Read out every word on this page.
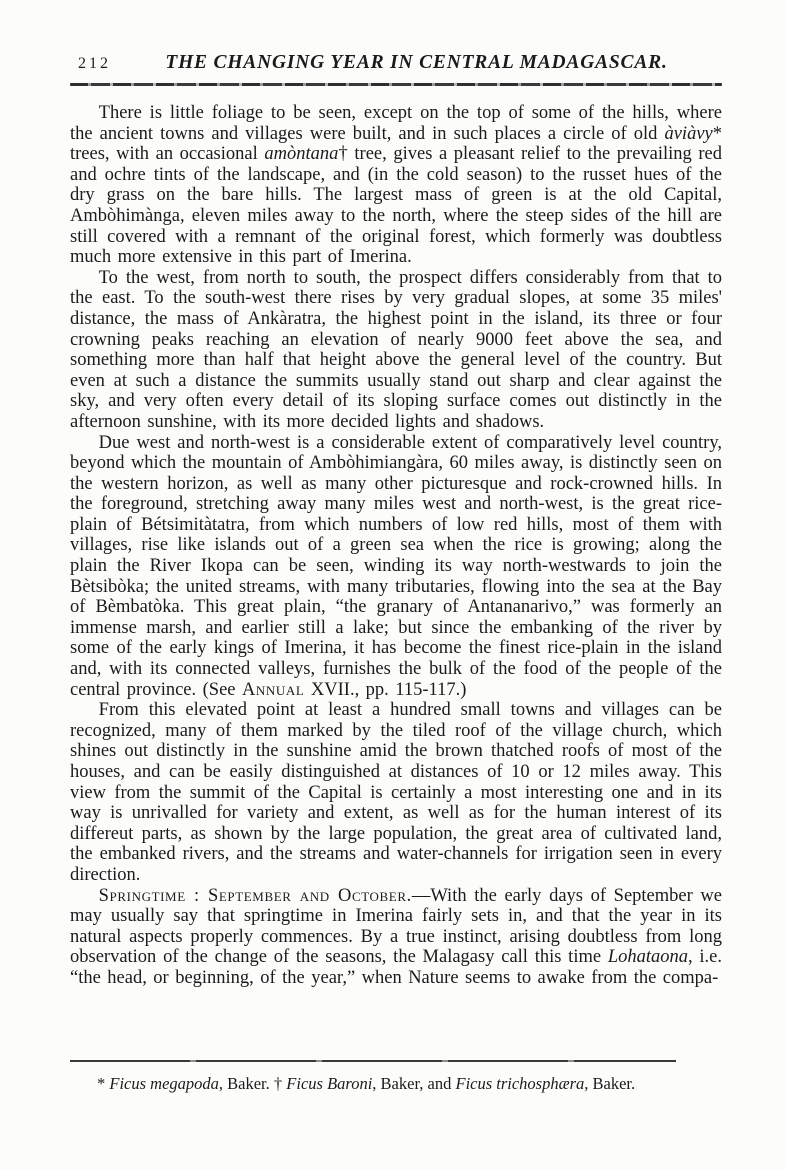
212	THE CHANGING YEAR IN CENTRAL MADAGASCAR.

There is little foliage to be seen, except on the top of some of the hills, where the ancient towns and villages were built, and in such places a circle of old àviàvy* trees, with an occasional amòntana† tree, gives a pleasant relief to the prevailing red and ochre tints of the landscape, and (in the cold season) to the russet hues of the dry grass on the bare hills. The largest mass of green is at the old Capital, Ambòhimànga, eleven miles away to the north, where the steep sides of the hill are still covered with a remnant of the original forest, which formerly was doubtless much more extensive in this part of Imerina.

To the west, from north to south, the prospect differs considerably from that to the east. To the south-west there rises by very gradual slopes, at some 35 miles' distance, the mass of Ankàratra, the highest point in the island, its three or four crowning peaks reaching an elevation of nearly 9000 feet above the sea, and something more than half that height above the general level of the country. But even at such a distance the summits usually stand out sharp and clear against the sky, and very often every detail of its sloping surface comes out distinctly in the afternoon sunshine, with its more decided lights and shadows.

Due west and north-west is a considerable extent of comparatively level country, beyond which the mountain of Ambòhimiangàra, 60 miles away, is distinctly seen on the western horizon, as well as many other picturesque and rock-crowned hills. In the foreground, stretching away many miles west and north-west, is the great rice-plain of Bétsimitàtatra, from which numbers of low red hills, most of them with villages, rise like islands out of a green sea when the rice is growing; along the plain the River Ikopa can be seen, winding its way north-westwards to join the Bètsibòka; the united streams, with many tributaries, flowing into the sea at the Bay of Bèmbatòka. This great plain, “the granary of Antananarivo,” was formerly an immense marsh, and earlier still a lake; but since the embanking of the river by some of the early kings of Imerina, it has become the finest rice-plain in the island and, with its connected valleys, furnishes the bulk of the food of the people of the central province. (See Annual XVII., pp. 115-117.)

From this elevated point at least a hundred small towns and villages can be recognized, many of them marked by the tiled roof of the village church, which shines out distinctly in the sunshine amid the brown thatched roofs of most of the houses, and can be easily distinguished at distances of 10 or 12 miles away. This view from the summit of the Capital is certainly a most interesting one and in its way is unrivalled for variety and extent, as well as for the human interest of its differeut parts, as shown by the large population, the great area of cultivated land, the embanked rivers, and the streams and water-channels for irrigation seen in every direction.

Springtime : September and October.—With the early days of September we may usually say that springtime in Imerina fairly sets in, and that the year in its natural aspects properly commences. By a true instinct, arising doubtless from long observation of the change of the seasons, the Malagasy call this time Lohataona, i.e. “the head, or beginning, of the year,” when Nature seems to awake from the compa-

* Ficus megapoda, Baker. † Ficus Baroni, Baker, and Ficus trichosphæra, Baker.
